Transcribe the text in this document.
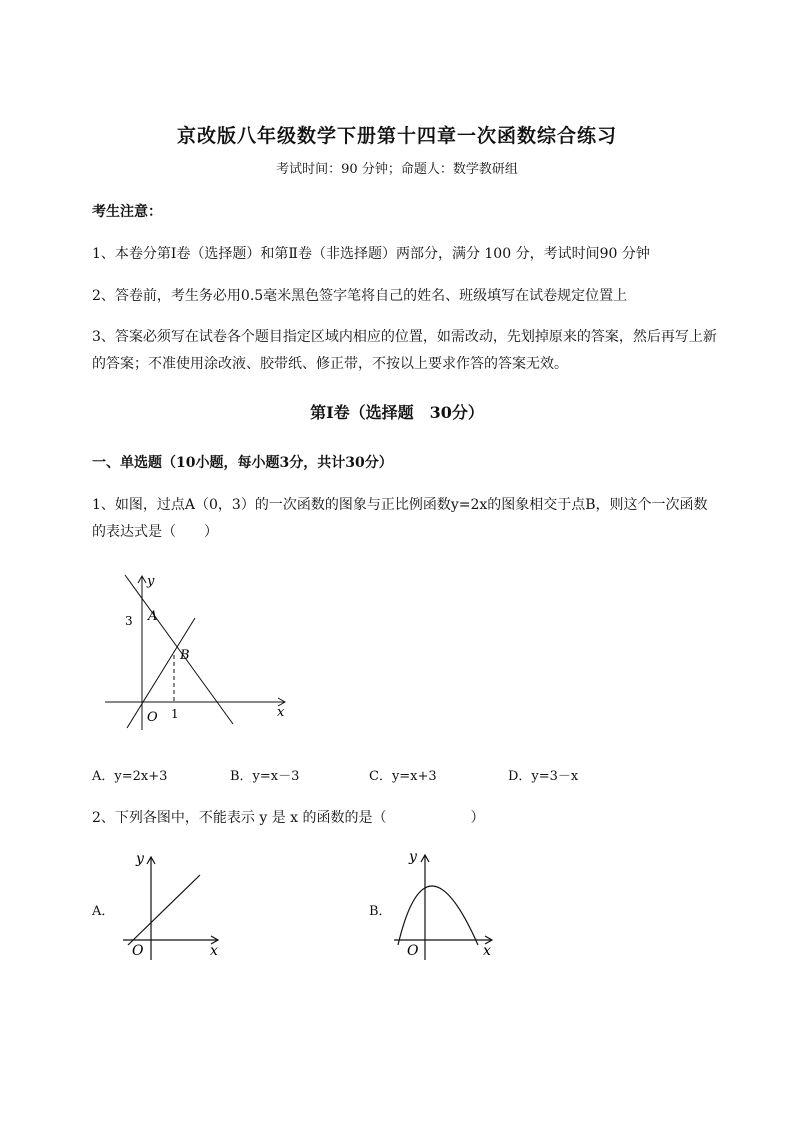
京改版八年级数学下册第十四章一次函数综合练习

考试时间：90 分钟；命题人：数学教研组

考生注意：

1、本卷分第Ⅰ卷（选择题）和第Ⅱ卷（非选择题）两部分，满分 100 分，考试时间90 分钟

2、答卷前，考生务必用0.5毫米黑色签字笔将自己的姓名、班级填写在试卷规定位置上

3、答案必须写在试卷各个题目指定区域内相应的位置，如需改动，先划掉原来的答案，然后再写上新

的答案；不准使用涂改液、胶带纸、修正带，不按以上要求作答的答案无效。

第Ⅰ卷（选择题　30分）
一、单选题（10小题，每小题3分，共计30分）

1、如图，过点A（0，3）的一次函数的图象与正比例函数y=2x的图象相交于点B，则这个一次函数

的表达式是（　　）

y
x
3 A
B
O 1
A．y=2x+3	B．y=x－3	C．y=x+3	D．y=3－x

2、下列各图中，不能表示 y 是 x 的函数的是（　　　　　　）

A．
y
x
O
B．
y
x
O
